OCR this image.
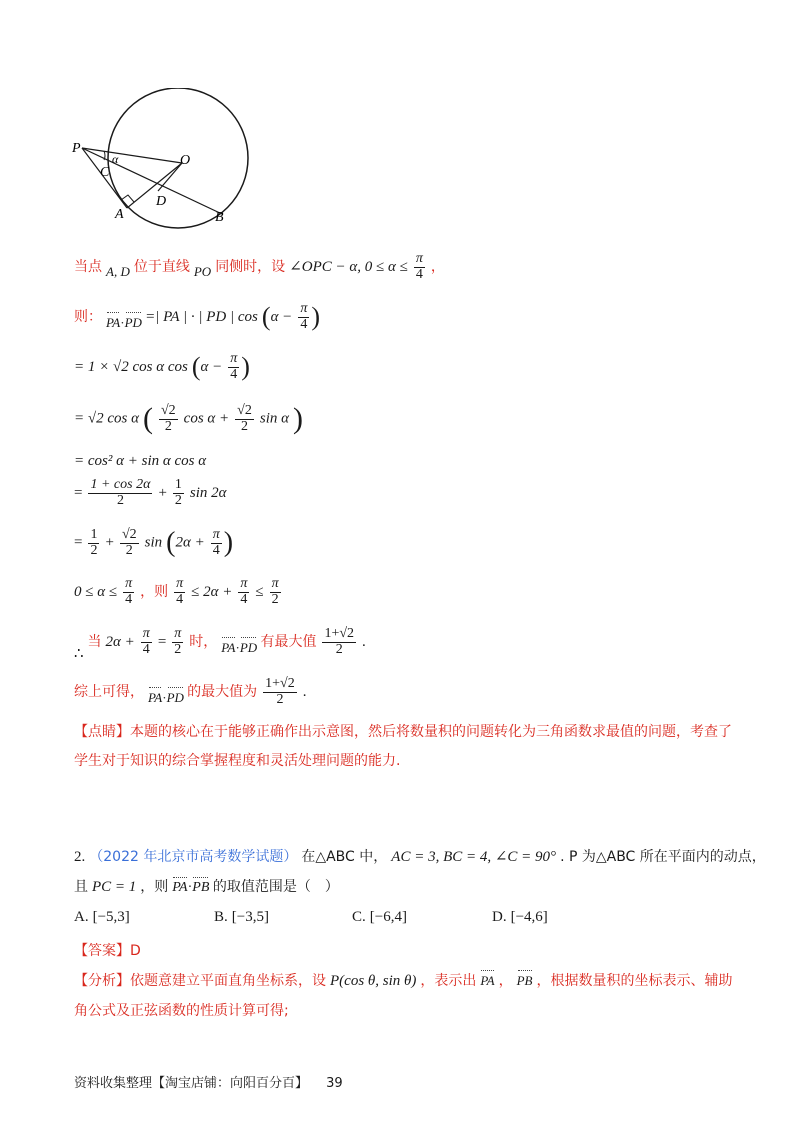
P
O
α
C
D
A	B
当点 $_{A, D}$ 位于直线 $_{PO}$ 同侧时，设 ∠OPC − α, $0 \le \alpha \le \frac{\pi}{4}$ ，
则： $_{PA\cdot PD}$ =| PA | · | PD | $\cos (\alpha - \frac{\pi}{4}$ )
= 1 × √2 cos α $\cos (\alpha - \frac{\pi}{4}$ )
= √2 cos α ( $\frac{√2}{2}$ $\cos \alpha + \frac{√2}{2}$ sin α )
= cos² α + sin α cos α
= $\frac{1 + \cos 2\alpha}{2} + \frac{1}{2}$ sin 2α
= $\frac{1}{2} + \frac{√2}{2}$ $\sin (2\alpha + \frac{\pi}{4}$ )
$0 \le \alpha \le \frac{\pi}{4}$ ，则 $\frac{\pi}{4} \le 2\alpha + \frac{\pi}{4} \le \frac{\pi}{2}$
∴ 当 $2\alpha + \frac{\pi}{4} = \frac{\pi}{2}$ 时， $_{PA\cdot PD}$ 有最大值 $\frac{1+√2}{2}$ .
综上可得， $_{PA\cdot PD}$ 的最大值为 $\frac{1+√2}{2}$ .
【点睛】本题的核心在于能够正确作出示意图，然后将数量积的问题转化为三角函数求最值的问题，考查了学生对于知识的综合掌握程度和灵活处理问题的能力.
2. （2022 年北京市高考数学试题） 在△ABC 中， AC = 3, BC = 4, ∠C = 90° . P 为△ABC 所在平面内的动点，
且 PC = 1 ，则 PA·PB 的取值范围是（　）
A. [−5,3]	B. [−3,5]	C. [−6,4]	D. [−4,6]
【答案】D
【分析】依题意建立平面直角坐标系，设 P(cos θ, sin θ) ，表示出 PA ， PB ，根据数量积的坐标表示、辅助
角公式及正弦函数的性质计算可得;
资料收集整理【淘宝店铺：向阳百分百】 39
